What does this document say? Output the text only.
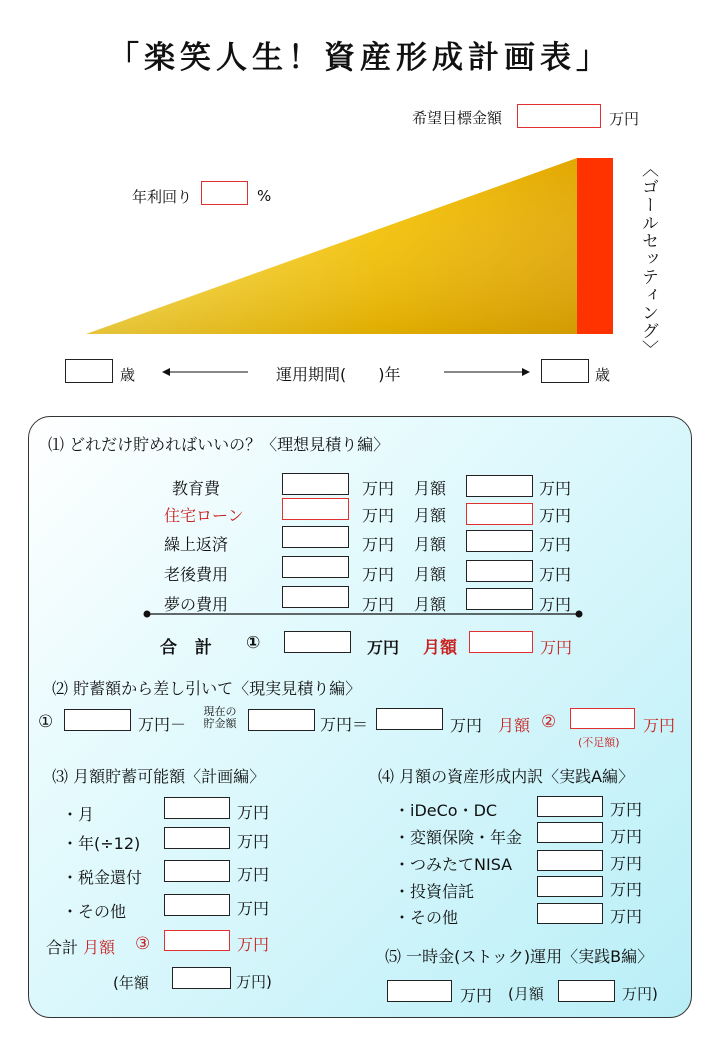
「楽笑人生！資産形成計画表」
希望目標金額	万円
年利回り	%	〈ゴールセッティング〉
歳	運用期間(　　)年	歳
⑴ どれだけ貯めればいいの？〈理想見積り編〉
教育費	万円 月額	万円
住宅ローン	万円 月額	万円
繰上返済	万円 月額	万円
老後費用	万円 月額	万円
夢の費用	万円 月額	万円
合 計 ①	万円 月額	万円
⑵ 貯蓄額から差し引いて〈現実見積り編〉
①	万円－
現在の
貯金額	万円＝	万円 月額 ②	万円
(不足額)
⑶ 月額貯蓄可能額〈計画編〉
・月	万円
・年(÷12)	万円
・税金還付	万円
・その他	万円
合計 月額 ③	万円
(年額	万円)
⑷ 月額の資産形成内訳〈実践A編〉
・iDeCo・DC	万円
・変額保険・年金	万円
・つみたてNISA	万円
・投資信託	万円
・その他	万円
⑸ 一時金(ストック)運用〈実践B編〉
万円 (月額	万円)
